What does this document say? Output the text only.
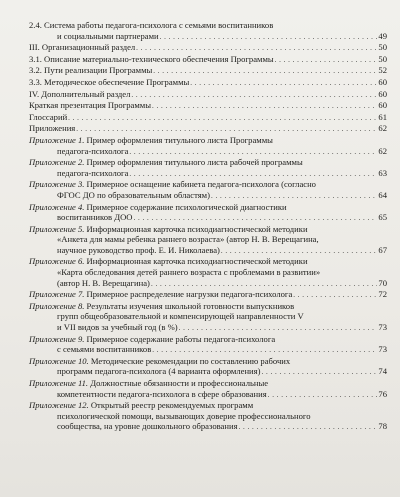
2.4. Система работы педагога-психолога с семьями воспитанников
и социальными партнерами . . .	49
III. Организационный раздел . . .	50
3.1. Описание материально-технического обеспечения Программы . . .	50
3.2. Пути реализации Программы . . .	52
3.3. Методическое обеспечение Программы . . .	60
IV. Дополнительный раздел . . .	60
Краткая презентация Программы . . .	60
Глоссарий . . .	61
Приложения . . .	62
Приложение 1. Пример оформления титульного листа Программы
педагога-психолога . . .	62
Приложение 2. Пример оформления титульного листа рабочей программы
педагога-психолога . . .	63
Приложение 3. Примерное оснащение кабинета педагога-психолога (согласно
ФГОС ДО по образовательным областям) . . .	64
Приложение 4. Примерное содержание психологической диагностики
воспитанников ДОО . . .	65
Приложение 5. Информационная карточка психодиагностической методики
«Анкета для мамы ребенка раннего возраста» (автор Н. В. Верещагина,
научное руководство проф. Е. И. Николаева) . . .	67
Приложение 6. Информационная карточка психодиагностической методики
«Карта обследования детей раннего возраста с проблемами в развитии»
(автор Н. В. Верещагина) . . .	70
Приложение 7. Примерное распределение нагрузки педагога-психолога . . .	72
Приложение 8. Результаты изучения школьной готовности выпускников
групп общеобразовательной и компенсирующей направленности V
и VII видов за учебный год (в %) . . .	73
Приложение 9. Примерное содержание работы педагога-психолога
с семьями воспитанников . . .	73
Приложение 10. Методические рекомендации по составлению рабочих
программ педагога-психолога (4 варианта оформления) . . .	74
Приложение 11. Должностные обязанности и профессиональные
компетентности педагога-психолога в сфере образования . . .	76
Приложение 12. Открытый реестр рекомендуемых программ
психологической помощи, вызывающих доверие профессионального
сообщества, на уровне дошкольного образования . . .	78
